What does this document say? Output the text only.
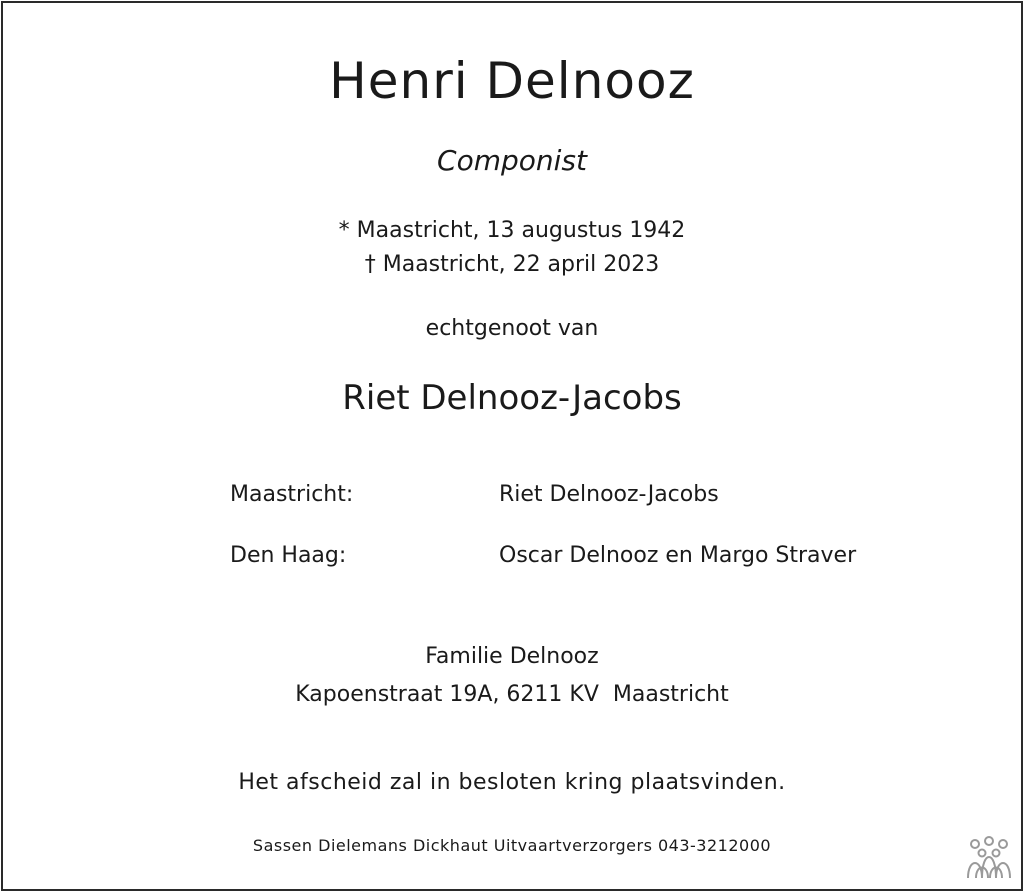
Henri Delnooz
Componist
* Maastricht, 13 augustus 1942
† Maastricht, 22 april 2023
echtgenoot van
Riet Delnooz-Jacobs
Maastricht:	Riet Delnooz-Jacobs
Den Haag:	Oscar Delnooz en Margo Straver
Familie Delnooz
Kapoenstraat 19A, 6211 KV  Maastricht
Het afscheid zal in besloten kring plaatsvinden.
Sassen Dielemans Dickhaut Uitvaartverzorgers 043-3212000
